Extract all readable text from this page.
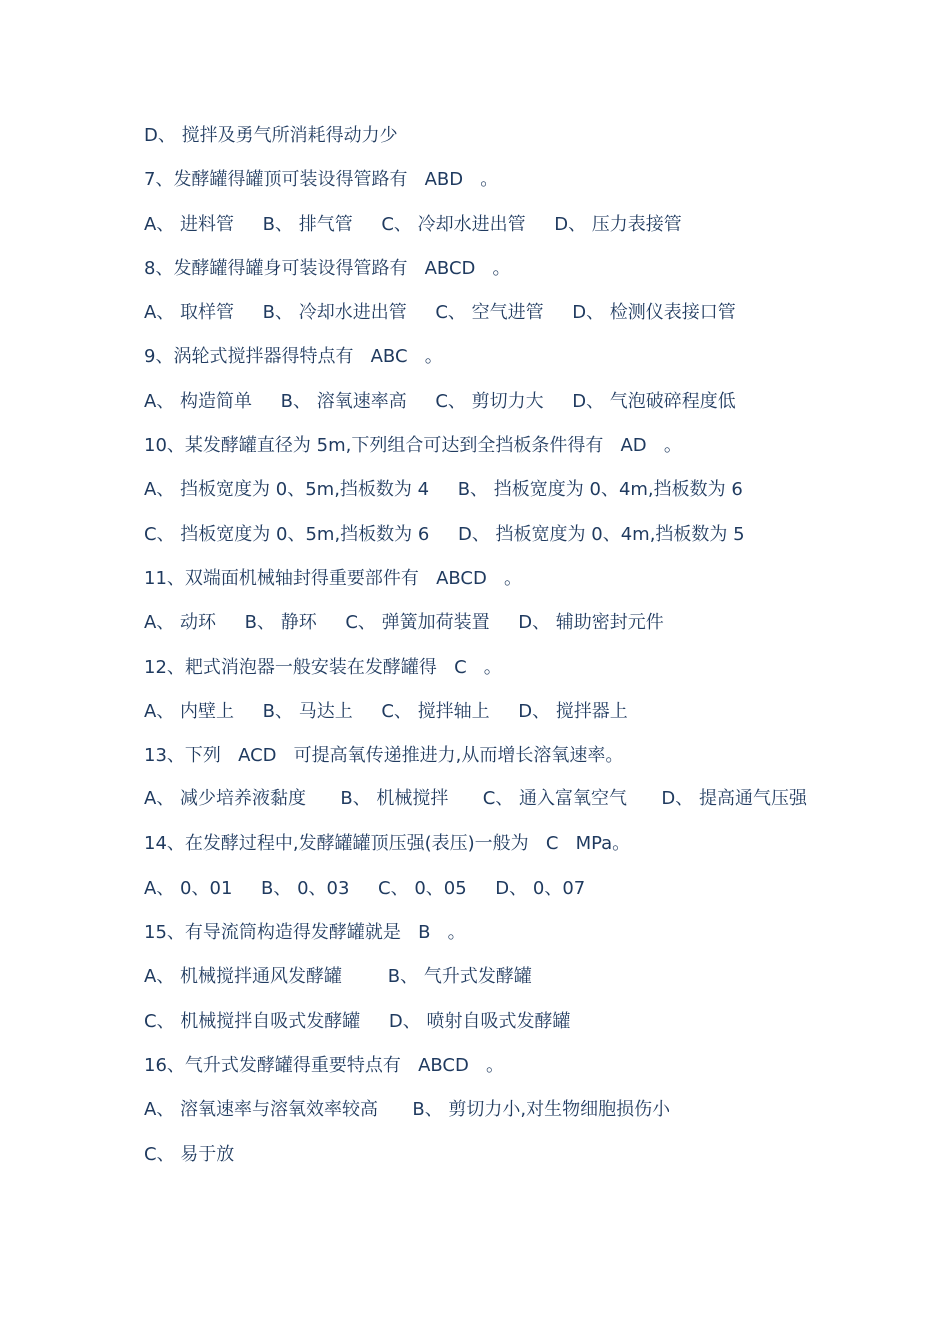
D、 搅拌及勇气所消耗得动力少
7、发酵罐得罐顶可装设得管路有   ABD   。
A、 进料管     B、 排气管     C、 冷却水进出管     D、 压力表接管
8、发酵罐得罐身可装设得管路有   ABCD   。
A、 取样管     B、 冷却水进出管     C、 空气进管     D、 检测仪表接口管
9、涡轮式搅拌器得特点有   ABC   。
A、 构造简单     B、 溶氧速率高     C、 剪切力大     D、 气泡破碎程度低
10、某发酵罐直径为 5m,下列组合可达到全挡板条件得有   AD   。
A、 挡板宽度为 0、5m,挡板数为 4     B、 挡板宽度为 0、4m,挡板数为 6
C、 挡板宽度为 0、5m,挡板数为 6     D、 挡板宽度为 0、4m,挡板数为 5
11、双端面机械轴封得重要部件有   ABCD   。
A、 动环     B、 静环     C、 弹簧加荷装置     D、 辅助密封元件
12、耙式消泡器一般安装在发酵罐得   C   。
A、 内壁上     B、 马达上     C、 搅拌轴上     D、 搅拌器上
13、下列   ACD   可提高氧传递推进力,从而增长溶氧速率。
A、 减少培养液黏度      B、 机械搅拌      C、 通入富氧空气      D、 提高通气压强
14、在发酵过程中,发酵罐罐顶压强(表压)一般为   C   MPa。
A、 0、01     B、 0、03     C、 0、05     D、 0、07
15、有导流筒构造得发酵罐就是   B   。
A、 机械搅拌通风发酵罐        B、 气升式发酵罐
C、 机械搅拌自吸式发酵罐     D、 喷射自吸式发酵罐
16、气升式发酵罐得重要特点有   ABCD   。
A、 溶氧速率与溶氧效率较高      B、 剪切力小,对生物细胞损伤小
C、 易于放
